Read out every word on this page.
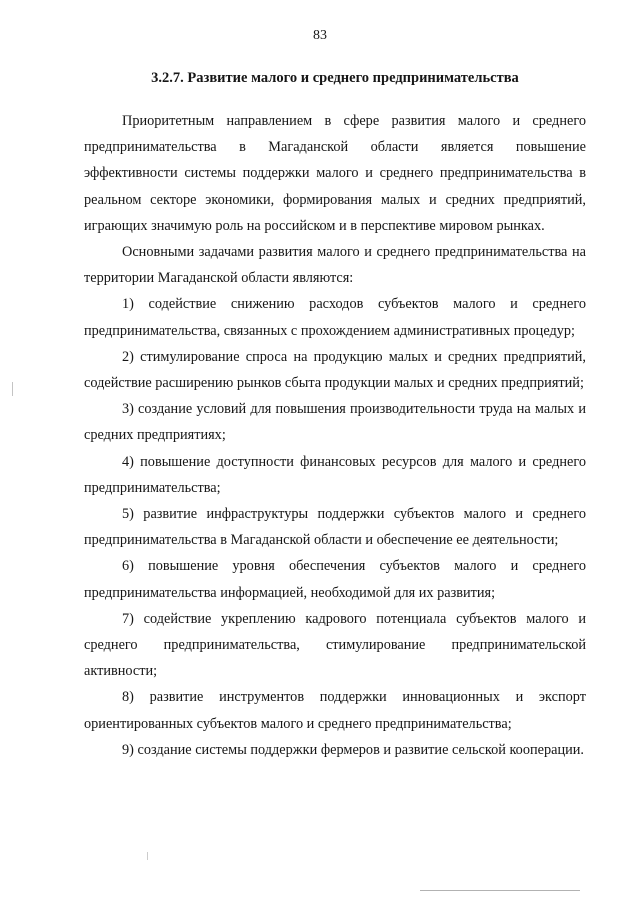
83
3.2.7. Развитие малого и среднего предпринимательства

Приоритетным направлением в сфере развития малого и среднего предпринимательства в Магаданской области является повышение эффективности системы поддержки малого и среднего предпринимательства в реальном секторе экономики, формирования малых и средних предприятий, играющих значимую роль на российском и в перспективе мировом рынках.

Основными задачами развития малого и среднего предпринимательства на территории Магаданской области являются:

1) содействие снижению расходов субъектов малого и среднего предпринимательства, связанных с прохождением административных процедур;

2) стимулирование спроса на продукцию малых и средних предприятий, содействие расширению рынков сбыта продукции малых и средних предприятий;

3) создание условий для повышения производительности труда на малых и средних предприятиях;

4) повышение доступности финансовых ресурсов для малого и среднего предпринимательства;

5) развитие инфраструктуры поддержки субъектов малого и среднего предпринимательства в Магаданской области и обеспечение ее деятельности;

6) повышение уровня обеспечения субъектов малого и среднего предпринимательства информацией, необходимой для их развития;

7) содействие укреплению кадрового потенциала субъектов малого и среднего предпринимательства, стимулирование предпринимательской активности;

8) развитие инструментов поддержки инновационных и экспорт ориентированных субъектов малого и среднего предпринимательства;

9) создание системы поддержки фермеров и развитие сельской кооперации.
